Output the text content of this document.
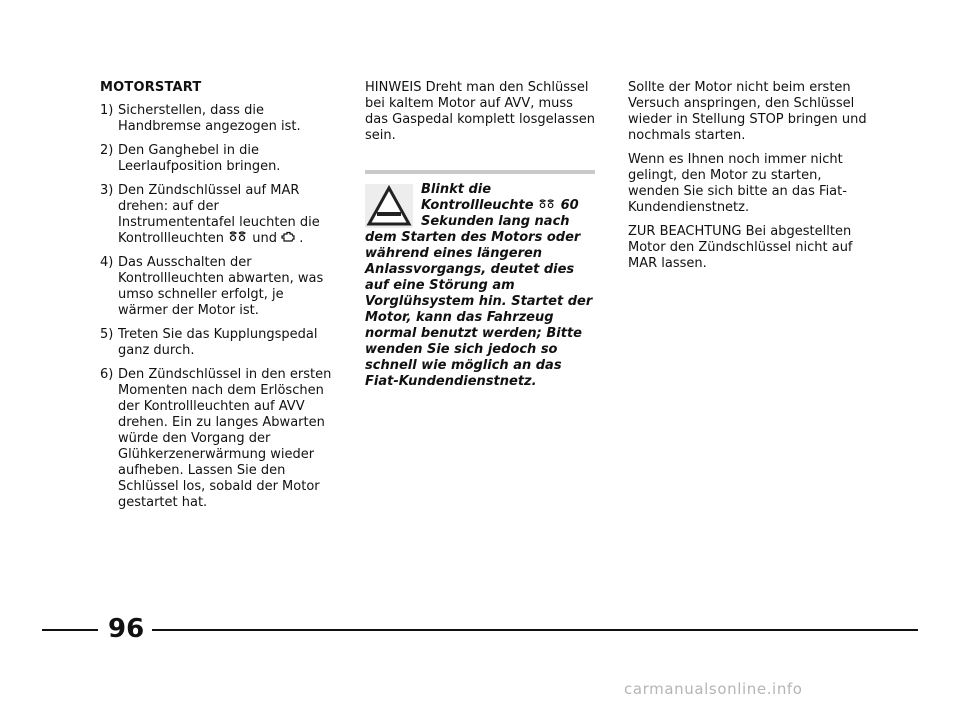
MOTORSTART
1) Sicherstellen, dass die Handbremse angezogen ist.
2) Den Ganghebel in die Leerlaufposition bringen.
3) Den Zündschlüssel auf MAR drehen: auf der Instrumententafel leuchten die Kontrollleuchten und .
4) Das Ausschalten der Kontrollleuchten abwarten, was umso schneller erfolgt, je wärmer der Motor ist.
5) Treten Sie das Kupplungspedal ganz durch.
6) Den Zündschlüssel in den ersten Momenten nach dem Erlöschen der Kontrollleuchten auf AVV drehen. Ein zu langes Abwarten würde den Vorgang der Glühkerzenerwärmung wieder aufheben. Lassen Sie den Schlüssel los, sobald der Motor gestartet hat.
HINWEIS Dreht man den Schlüssel bei kaltem Motor auf AVV, muss das Gaspedal komplett losgelassen sein.
Blinkt die Kontrollleuchte 60 Sekunden lang nach dem Starten des Motors oder während eines längeren Anlassvorgangs, deutet dies auf eine Störung am Vorglühsystem hin. Startet der Motor, kann das Fahrzeug normal benutzt werden; Bitte wenden Sie sich jedoch so schnell wie möglich an das Fiat-Kundendienstnetz.
Sollte der Motor nicht beim ersten Versuch anspringen, den Schlüssel wieder in Stellung STOP bringen und nochmals starten.
Wenn es Ihnen noch immer nicht gelingt, den Motor zu starten, wenden Sie sich bitte an das Fiat-Kundendienstnetz.
ZUR BEACHTUNG Bei abgestellten Motor den Zündschlüssel nicht auf MAR lassen.
96
carmanualsonline.info
